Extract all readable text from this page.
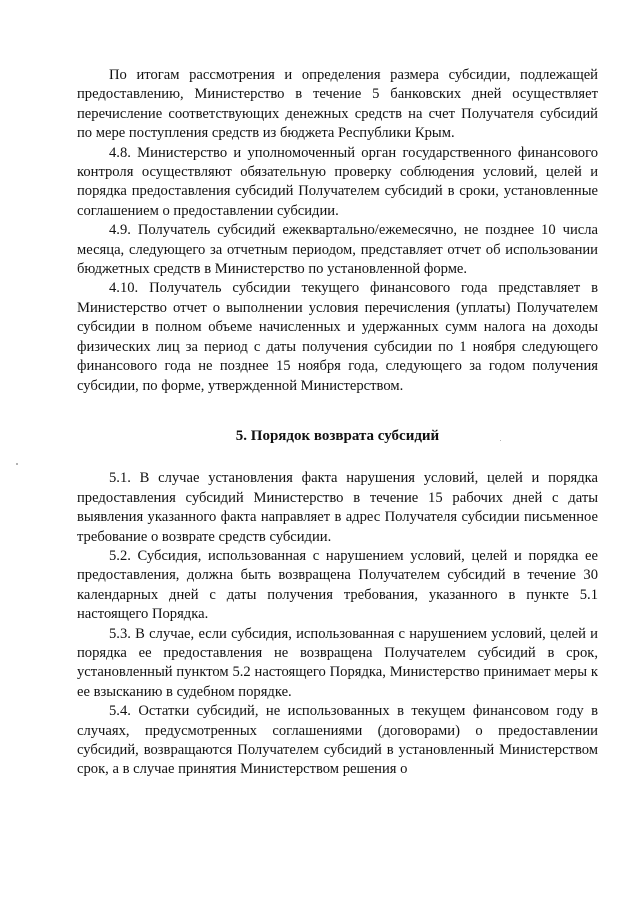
По итогам рассмотрения и определения размера субсидии, подлежащей предоставлению, Министерство в течение 5 банковских дней осуществляет перечисление соответствующих денежных средств на счет Получателя субсидий по мере поступления средств из бюджета Республики Крым.

4.8. Министерство и уполномоченный орган государственного финансового контроля осуществляют обязательную проверку соблюдения условий, целей и порядка предоставления субсидий Получателем субсидий в сроки, установленные соглашением о предоставлении субсидии.

4.9. Получатель субсидий ежеквартально/ежемесячно, не позднее 10 числа месяца, следующего за отчетным периодом, представляет отчет об использовании бюджетных средств в Министерство по установленной форме.

4.10. Получатель субсидии текущего финансового года представляет в Министерство отчет о выполнении условия перечисления (уплаты) Получателем субсидии в полном объеме начисленных и удержанных сумм налога на доходы физических лиц за период с даты получения субсидии по 1 ноября следующего финансового года не позднее 15 ноября года, следующего за годом получения субсидии, по форме, утвержденной Министерством.

5. Порядок возврата субсидий

5.1. В случае установления факта нарушения условий, целей и порядка предоставления субсидий Министерство в течение 15 рабочих дней с даты выявления указанного факта направляет в адрес Получателя субсидии письменное требование о возврате средств субсидии.

5.2. Субсидия, использованная с нарушением условий, целей и порядка ее предоставления, должна быть возвращена Получателем субсидий в течение 30 календарных дней с даты получения требования, указанного в пункте 5.1 настоящего Порядка.

5.3. В случае, если субсидия, использованная с нарушением условий, целей и порядка ее предоставления не возвращена Получателем субсидий в срок, установленный пунктом 5.2 настоящего Порядка, Министерство принимает меры к ее взысканию в судебном порядке.

5.4. Остатки субсидий, не использованных в текущем финансовом году в случаях, предусмотренных соглашениями (договорами) о предоставлении субсидий, возвращаются Получателем субсидий в установленный Министерством срок, а в случае принятия Министерством решения о
